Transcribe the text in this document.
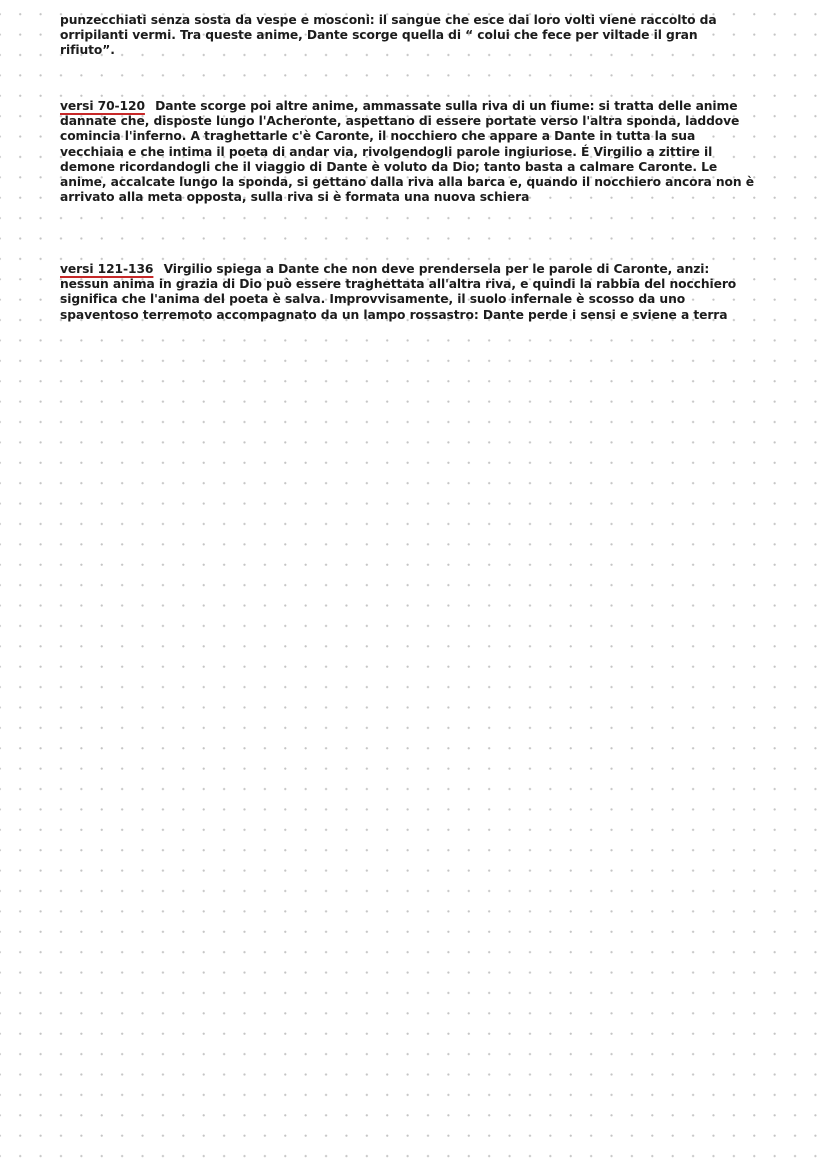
punzecchiati senza sosta da vespe e mosconi: il sangue che esce dai loro volti viene raccolto da orripilanti vermi. Tra queste anime, Dante scorge quella di “ colui che fece per viltade il gran rifiuto”.

versi 70-120 Dante scorge poi altre anime, ammassate sulla riva di un fiume: si tratta delle anime dannate che, disposte lungo l'Acheronte, aspettano di essere portate verso l'altra sponda, laddove comincia l'inferno. A traghettarle c'è Caronte, il nocchiero che appare a Dante in tutta la sua vecchiaia e che intima il poeta di andar via, rivolgendogli parole ingiuriose. É Virgilio a zittire il demone ricordandogli che il viaggio di Dante è voluto da Dio; tanto basta a calmare Caronte. Le anime, accalcate lungo la sponda, si gettano dalla riva alla barca e, quando il nocchiero ancora non è arrivato alla meta opposta, sulla riva si è formata una nuova schiera

versi 121-136 Virgilio spiega a Dante che non deve prendersela per le parole di Caronte, anzi: nessun anima in grazia di Dio può essere traghettata all'altra riva, e quindi la rabbia del nocchiero significa che l'anima del poeta è salva. Improvvisamente, il suolo infernale è scosso da uno spaventoso terremoto accompagnato da un lampo rossastro: Dante perde i sensi e sviene a terra
